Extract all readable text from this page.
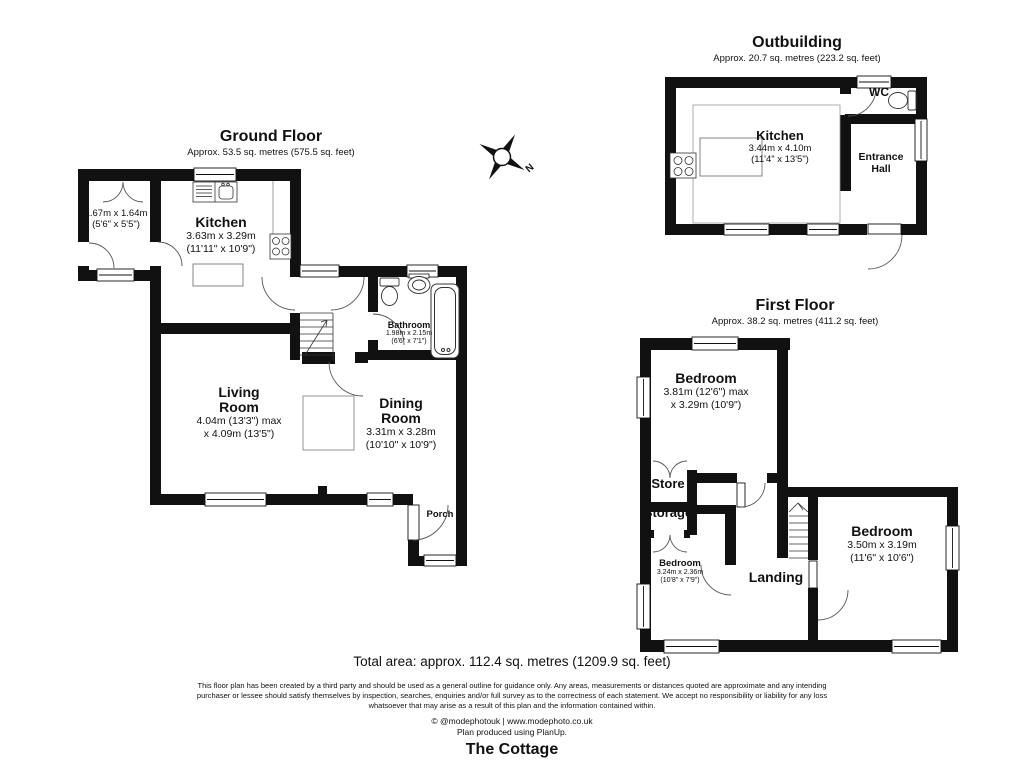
Ground Floor
Approx. 53.5 sq. metres (575.5 sq. feet)
1.67m x 1.64m
(5'6" x 5'5")	Kitchen
3.63m x 3.29m
(11'11" x 10'9")
Bathroom
1.98m x 2.15m
(6'6" x 7'1")
Living
Room
4.04m (13'3") max
x 4.09m (13'5")
Dining
Room
3.31m x 3.28m
(10'10" x 10'9")
Porch
First Floor
Approx. 38.2 sq. metres (411.2 sq. feet)
Bedroom
3.81m (12'6") max
x 3.29m (10'9")
Store
Storage
Bedroom
3.24m x 2.36m
(10'8" x 7'9")	Landing
Bedroom
3.50m x 3.19m
(11'6" x 10'6")
Outbuilding
Approx. 20.7 sq. metres (223.2 sq. feet)
WC
Kitchen
3.44m x 4.10m
(11'4" x 13'5")	Entrance
Hall
N
Total area: approx. 112.4 sq. metres (1209.9 sq. feet)
This floor plan has been created by a third party and should be used as a general outline for guidance only. Any areas, measurements or distances quoted are approximate and any intending
purchaser or lessee should satisfy themselves by inspection, searches, enquiries and/or full survey as to the correctness of each statement. We accept no responsibility or liability for any loss
whatsoever that may arise as a result of this plan and the information contained within.
© @modephotouk | www.modephoto.co.uk
Plan produced using PlanUp.
The Cottage
